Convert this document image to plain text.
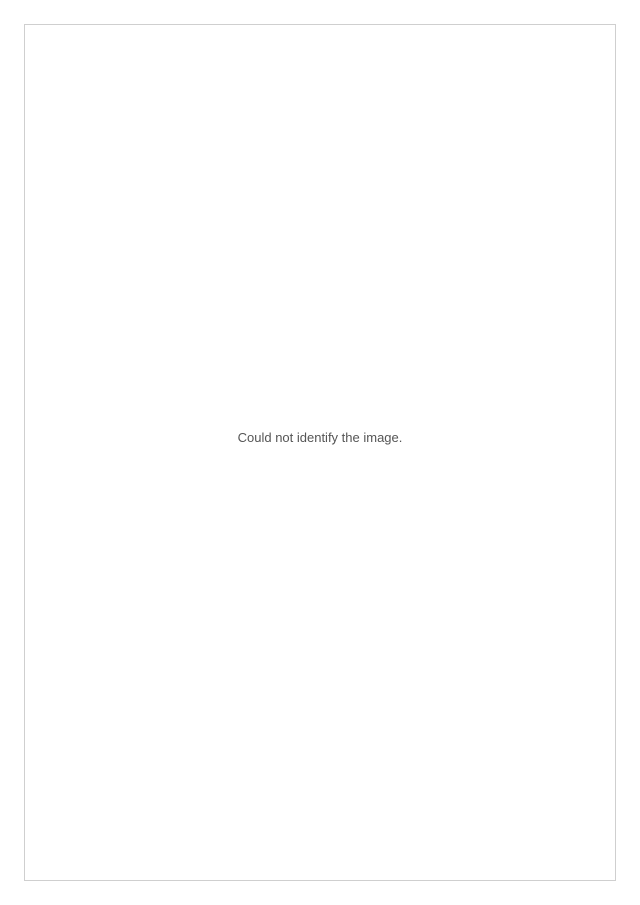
Could not identify the image.
